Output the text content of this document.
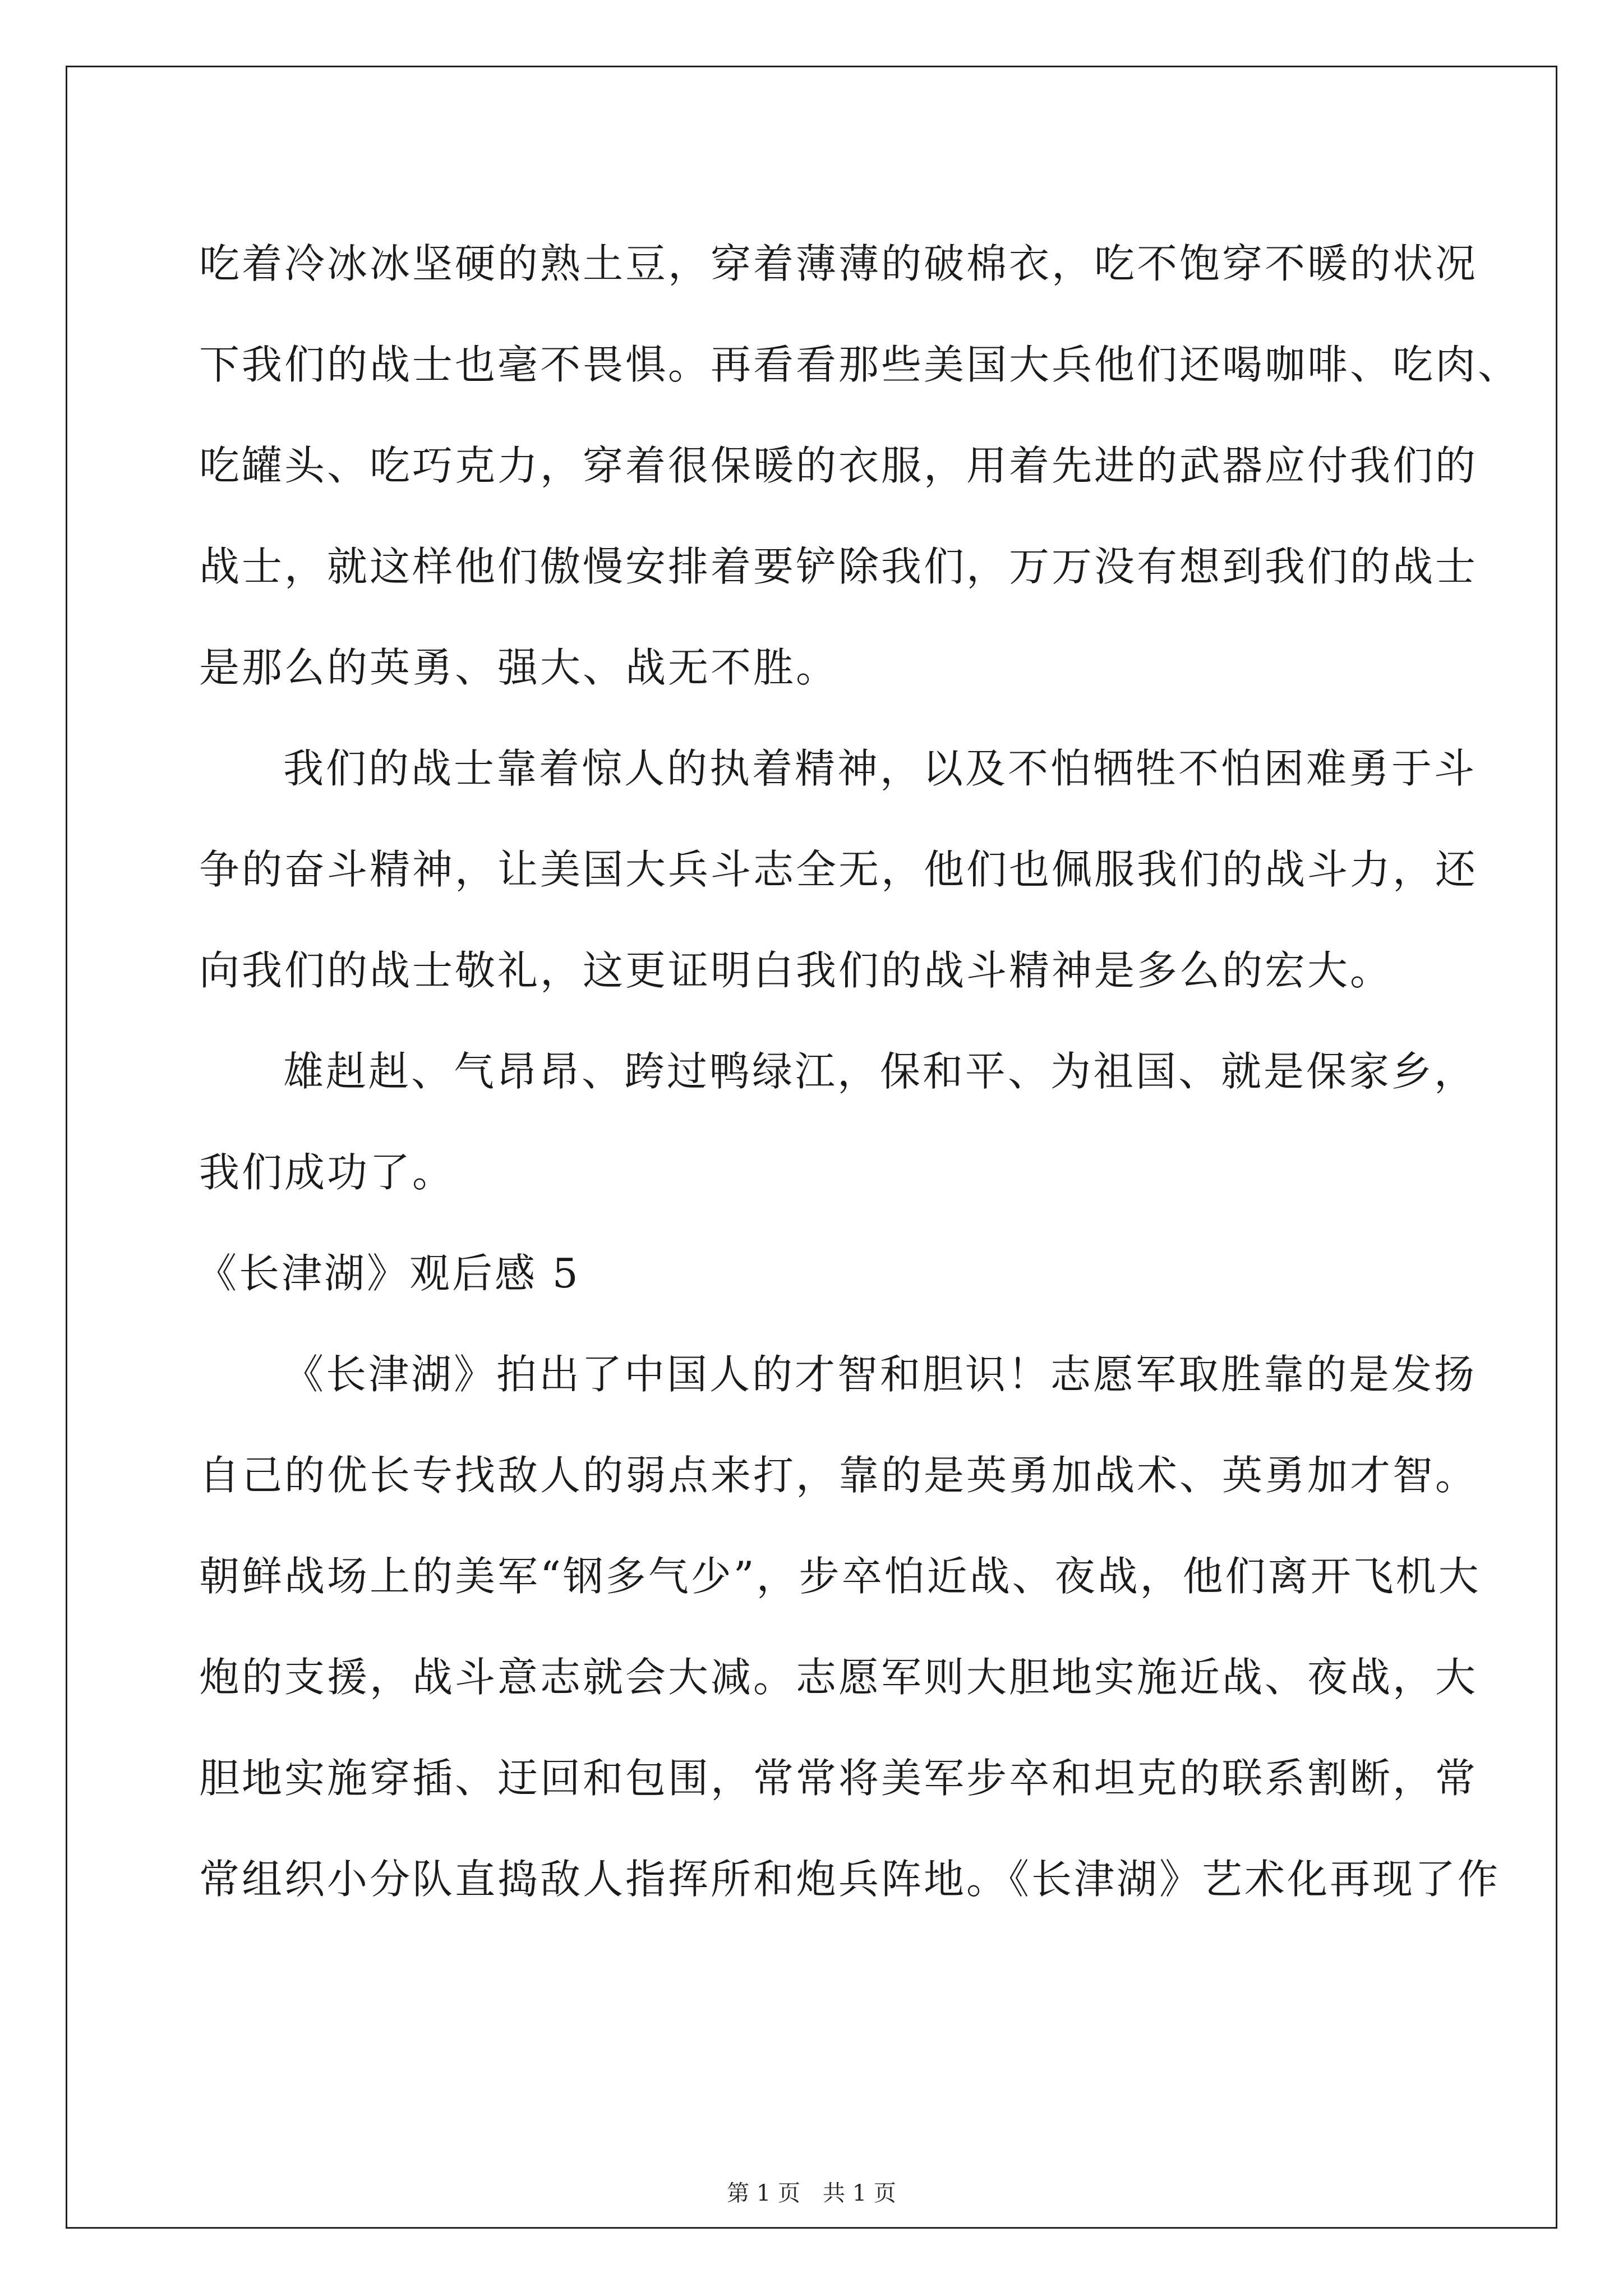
吃着冷冰冰坚硬的熟土豆，穿着薄薄的破棉衣，吃不饱穿不暖的状况
下我们的战士也毫不畏惧。再看看那些美国大兵他们还喝咖啡、吃肉、
吃罐头、吃巧克力，穿着很保暖的衣服，用着先进的武器应付我们的
战士，就这样他们傲慢安排着要铲除我们，万万没有想到我们的战士
是那么的英勇、强大、战无不胜。
我们的战士靠着惊人的执着精神，以及不怕牺牲不怕困难勇于斗
争的奋斗精神，让美国大兵斗志全无，他们也佩服我们的战斗力，还
向我们的战士敬礼，这更证明白我们的战斗精神是多么的宏大。
雄赳赳、气昂昂、跨过鸭绿江，保和平、为祖国、就是保家乡，
我们成功了。
《长津湖》观后感 5
《长津湖》拍出了中国人的才智和胆识！志愿军取胜靠的是发扬
自己的优长专找敌人的弱点来打，靠的是英勇加战术、英勇加才智。
朝鲜战场上的美军“钢多气少”，步卒怕近战、夜战，他们离开飞机大
炮的支援，战斗意志就会大减。志愿军则大胆地实施近战、夜战，大
胆地实施穿插、迂回和包围，常常将美军步卒和坦克的联系割断，常
常组织小分队直捣敌人指挥所和炮兵阵地。《长津湖》艺术化再现了作
第 1 页　共 1 页
